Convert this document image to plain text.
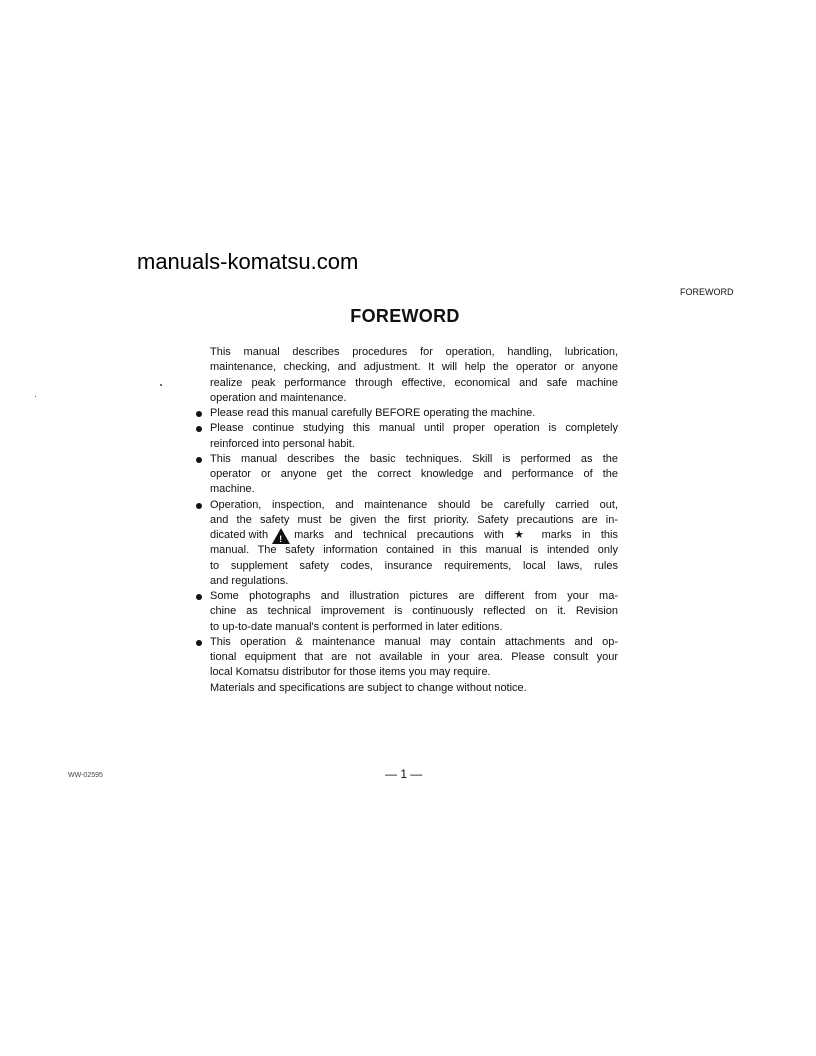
manuals-komatsu.com
FOREWORD
FOREWORD
This manual describes procedures for operation, handling, lubrication,
maintenance, checking, and adjustment. It will help the operator or anyone
realize peak performance through effective, economical and safe machine
operation and maintenance.
Please read this manual carefully BEFORE operating the machine.
Please continue studying this manual until proper operation is completely
reinforced into personal habit.
This manual describes the basic techniques. Skill is performed as the
operator or anyone get the correct knowledge and performance of the
machine.
Operation, inspection, and maintenance should be carefully carried out,
and the safety must be given the first priority. Safety precautions are in-
dicated with ! marks and technical precautions with ★ marks in this
manual. The safety information contained in this manual is intended only
to supplement safety codes, insurance requirements, local laws, rules
and regulations.
Some photographs and illustration pictures are different from your ma-
chine as technical improvement is continuously reflected on it. Revision
to up-to-date manual's content is performed in later editions.
This operation & maintenance manual may contain attachments and op-
tional equipment that are not available in your area. Please consult your
local Komatsu distributor for those items you may require.
Materials and specifications are subject to change without notice.
WW-02595	— 1 —
